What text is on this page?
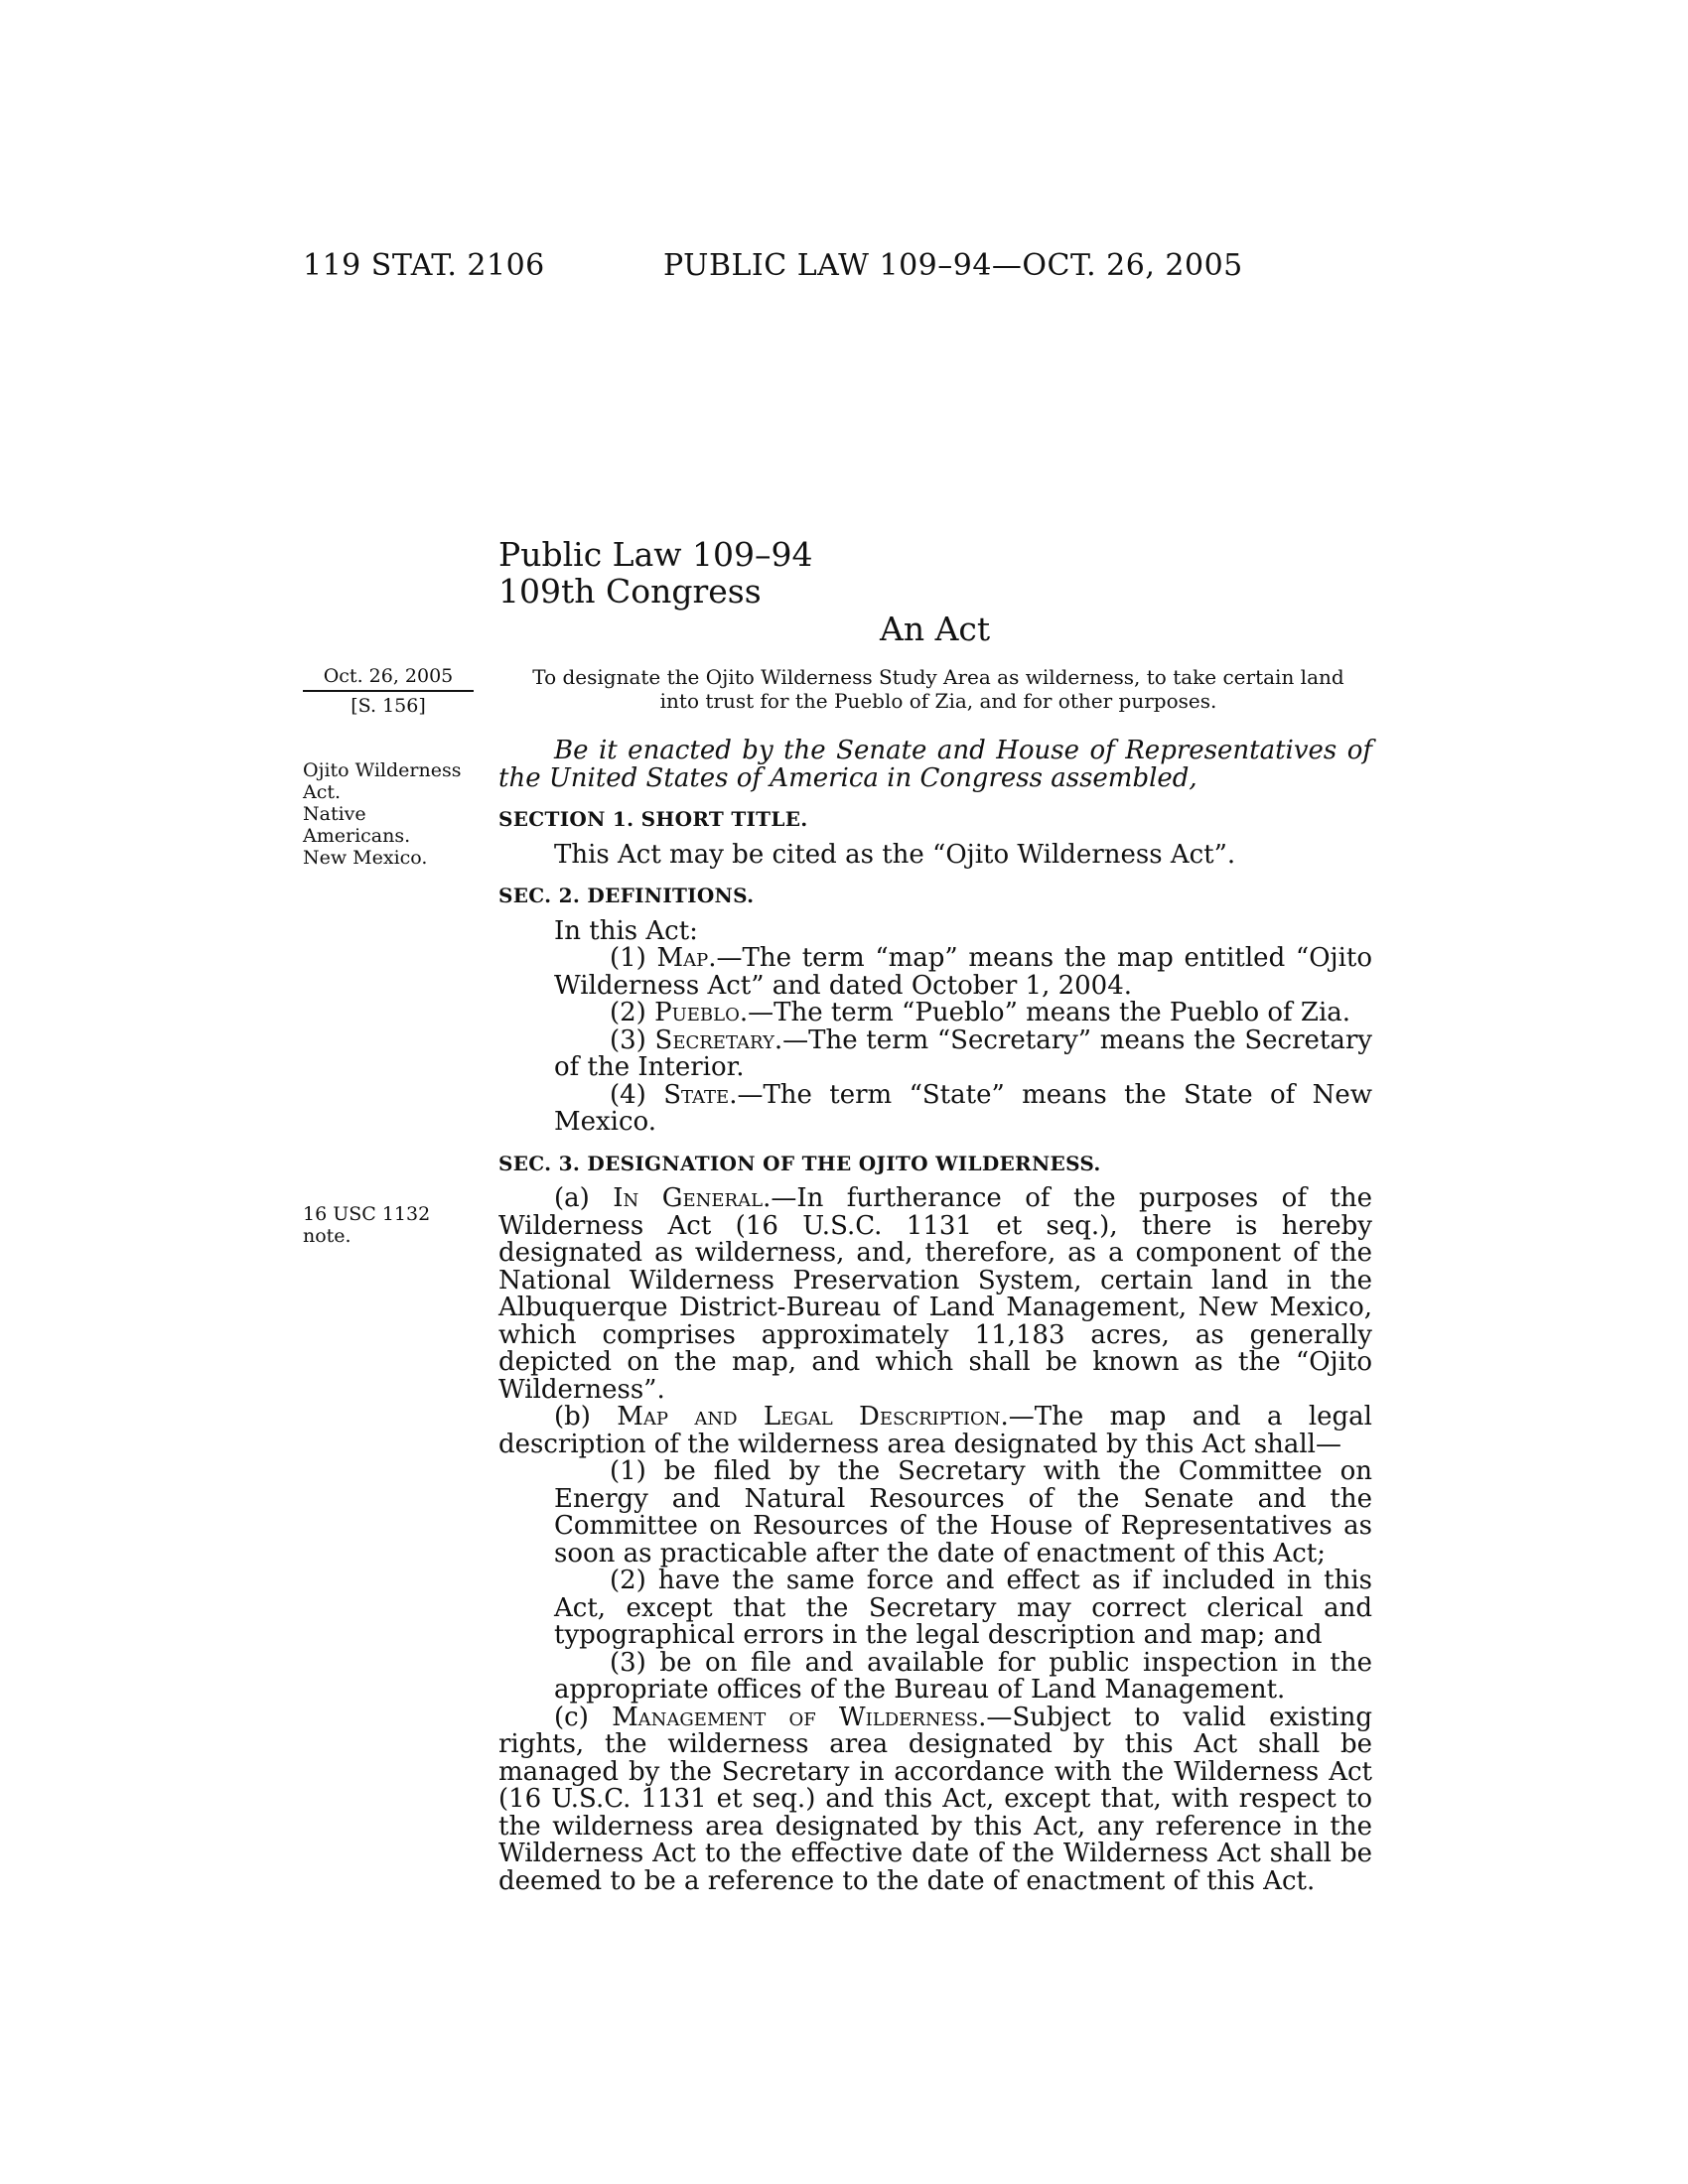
119 STAT. 2106	PUBLIC LAW 109–94—OCT. 26, 2005
Public Law 109–94
109th Congress
An Act
Oct. 26, 2005
[S. 156]
Ojito Wilderness
Act.
Native
Americans.
New Mexico.
16 USC 1132
note.
To designate the Ojito Wilderness Study Area as wilderness, to take certain land
into trust for the Pueblo of Zia, and for other purposes.

Be it enacted by the Senate and House of Representatives of the United States of America in Congress assembled,

SECTION 1. SHORT TITLE.

This Act may be cited as the “Ojito Wilderness Act”.

SEC. 2. DEFINITIONS.

In this Act:

(1) Map.—The term “map” means the map entitled “Ojito Wilderness Act” and dated October 1, 2004.

(2) Pueblo.—The term “Pueblo” means the Pueblo of Zia.

(3) Secretary.—The term “Secretary” means the Secretary of the Interior.

(4) State.—The term “State” means the State of New Mexico.

SEC. 3. DESIGNATION OF THE OJITO WILDERNESS.

(a) In General.—In furtherance of the purposes of the Wilderness Act (16 U.S.C. 1131 et seq.), there is hereby designated as wilderness, and, therefore, as a component of the National Wilderness Preservation System, certain land in the Albuquerque District-Bureau of Land Management, New Mexico, which comprises approximately 11,183 acres, as generally depicted on the map, and which shall be known as the “Ojito Wilderness”.

(b) Map and Legal Description.—The map and a legal description of the wilderness area designated by this Act shall—

(1) be filed by the Secretary with the Committee on Energy and Natural Resources of the Senate and the Committee on Resources of the House of Representatives as soon as practicable after the date of enactment of this Act;

(2) have the same force and effect as if included in this Act, except that the Secretary may correct clerical and typographical errors in the legal description and map; and

(3) be on file and available for public inspection in the appropriate offices of the Bureau of Land Management.

(c) Management of Wilderness.—Subject to valid existing rights, the wilderness area designated by this Act shall be managed by the Secretary in accordance with the Wilderness Act (16 U.S.C. 1131 et seq.) and this Act, except that, with respect to the wilderness area designated by this Act, any reference in the Wilderness Act to the effective date of the Wilderness Act shall be deemed to be a reference to the date of enactment of this Act.
